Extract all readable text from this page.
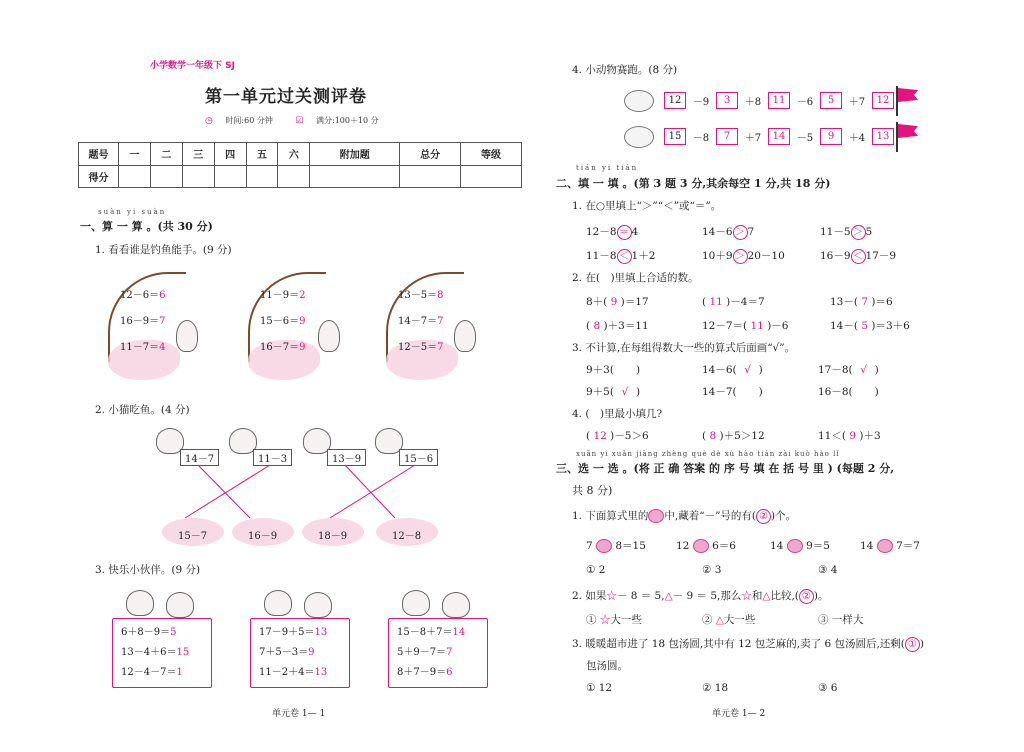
小学数学一年级下 SJ
第一单元过关测评卷
◷ 时间:60 分钟	☑ 满分:100＋10 分
题号	一	二	三	四	五	六	附加题	总分	等级
得分									
suàn yi suàn
一、算 一 算 。(共 30 分)
1. 看看谁是钓鱼能手。(9 分)
12－6＝6
16－9＝7
11－7＝4
11－9＝2
15－6＝9
16－7＝9
13－5＝8
14－7＝7
12－5＝7
2. 小猫吃鱼。(4 分)
14－7	11－3	13－9	15－6
15－7	16－9	18－9	12－8
3. 快乐小伙伴。(9 分)
6＋8－9＝5
13－4＋6＝15
12－4－7＝1
17－9＋5＝13
7＋5－3＝9
11－2＋4＝13
15－8＋7＝14
5＋9－7＝7
8＋7－9＝6
单元卷 1— 1
4. 小动物赛跑。(8 分)
12	－9	3	＋8	11	－6	5	＋7	12
15	－8	7	＋7	14	－5	9	＋4	13
tián yi tián
二、填 一 填 。(第 3 题 3 分,其余每空 1 分,共 18 分)
1. 在○里填上“＞”“＜”或“＝”。
12－8 ＝ 4	14－6 ＞ 7	11－5 ＞ 5
11－8 ＜ 1＋2	10＋9 ＞ 20－10	16－9 ＜ 17－9
2. 在(　)里填上合适的数。
8＋( 9 )＝17	( 11 )－4＝7	13－( 7 )＝6
( 8 )＋3＝11	12－7＝( 11 )－6	14－( 5 )＝3＋6
3. 不计算,在每组得数大一些的算式后面画“√”。
9＋3( )	14－6( √ )	17－8( √ )
9＋5( √ )	14－7( )	16－8( )
4. (　)里最小填几?
( 12 )－5＞6	( 8 )＋5＞12	11＜( 9 )＋3
xuǎn yi xuǎn jiāng zhèng què dè xù hào tián zài kuò hào lǐ
三、选 一 选 。(将 正 确 答案 的 序 号 填 在 括 号 里 ) (每题 2 分,
共 8 分)
1. 下面算式里的 中,藏着“－”号的有( ② )个。
7 8＝15	12 6＝6	14 9＝5	14 7＝7
① 2	② 3	③ 4
2. 如果☆－ 8 ＝ 5,△－ 9 ＝ 5,那么☆和△比较,( ② )。
① ☆大一些	② △大一些	③ 一样大
3. 暖暖超市进了 18 包汤圆,其中有 12 包芝麻的,卖了 6 包汤圆后,还剩( ① )
包汤圆。
① 12	② 18	③ 6
单元卷 1— 2
